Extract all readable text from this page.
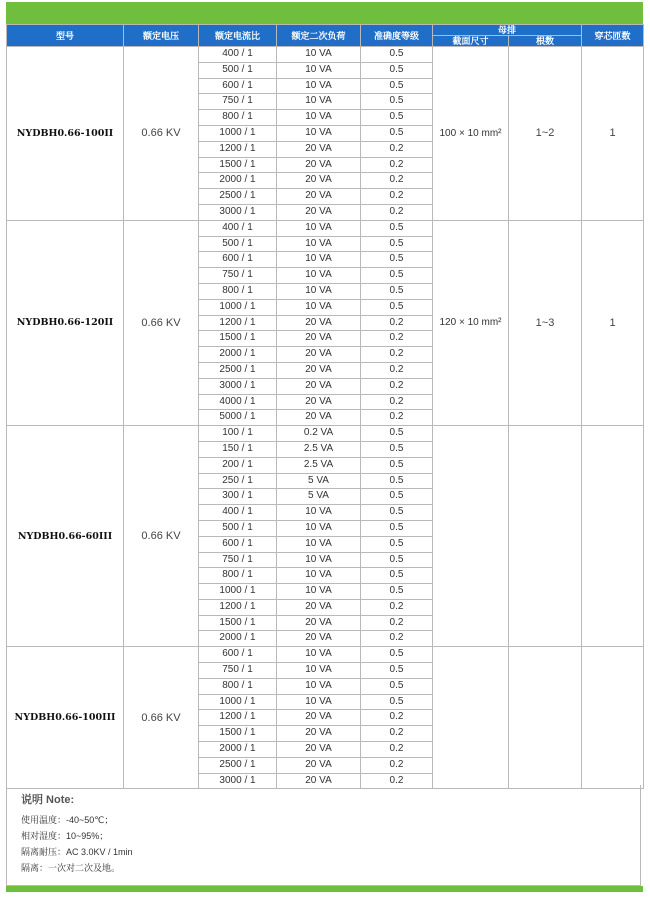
型号	额定电压	额定电流比	额定二次负荷	准确度等级	母排		穿芯匝数
					截面尺寸	根数	
NYDBH0.66-100II	0.66 KV	400 / 1	10 VA	0.5	100 × 10 mm²	1~2	1
		500 / 1	10 VA	0.5			
		600 / 1	10 VA	0.5			
		750 / 1	10 VA	0.5			
		800 / 1	10 VA	0.5			
		1000 / 1	10 VA	0.5			
		1200 / 1	20 VA	0.2			
		1500 / 1	20 VA	0.2			
		2000 / 1	20 VA	0.2			
		2500 / 1	20 VA	0.2			
		3000 / 1	20 VA	0.2			
NYDBH0.66-120II	0.66 KV	400 / 1	10 VA	0.5	120 × 10 mm²	1~3	1
		500 / 1	10 VA	0.5			
		600 / 1	10 VA	0.5			
		750 / 1	10 VA	0.5			
		800 / 1	10 VA	0.5			
		1000 / 1	10 VA	0.5			
		1200 / 1	20 VA	0.2			
		1500 / 1	20 VA	0.2			
		2000 / 1	20 VA	0.2			
		2500 / 1	20 VA	0.2			
		3000 / 1	20 VA	0.2			
		4000 / 1	20 VA	0.2			
		5000 / 1	20 VA	0.2			
NYDBH0.66-60III	0.66 KV	100 / 1	0.2 VA	0.5			
		150 / 1	2.5 VA	0.5			
		200 / 1	2.5 VA	0.5			
		250 / 1	5 VA	0.5			
		300 / 1	5 VA	0.5			
		400 / 1	10 VA	0.5			
		500 / 1	10 VA	0.5			
		600 / 1	10 VA	0.5			
		750 / 1	10 VA	0.5			
		800 / 1	10 VA	0.5			
		1000 / 1	10 VA	0.5			
		1200 / 1	20 VA	0.2			
		1500 / 1	20 VA	0.2			
		2000 / 1	20 VA	0.2			
NYDBH0.66-100III	0.66 KV	600 / 1	10 VA	0.5			
		750 / 1	10 VA	0.5			
		800 / 1	10 VA	0.5			
		1000 / 1	10 VA	0.5			
		1200 / 1	20 VA	0.2			
		1500 / 1	20 VA	0.2			
		2000 / 1	20 VA	0.2			
		2500 / 1	20 VA	0.2			
		3000 / 1	20 VA	0.2			
说明 Note:
使用温度：-40~50℃；
相对湿度：10~95%；
隔离耐压：AC 3.0KV / 1min
隔离：一次对二次及地。
